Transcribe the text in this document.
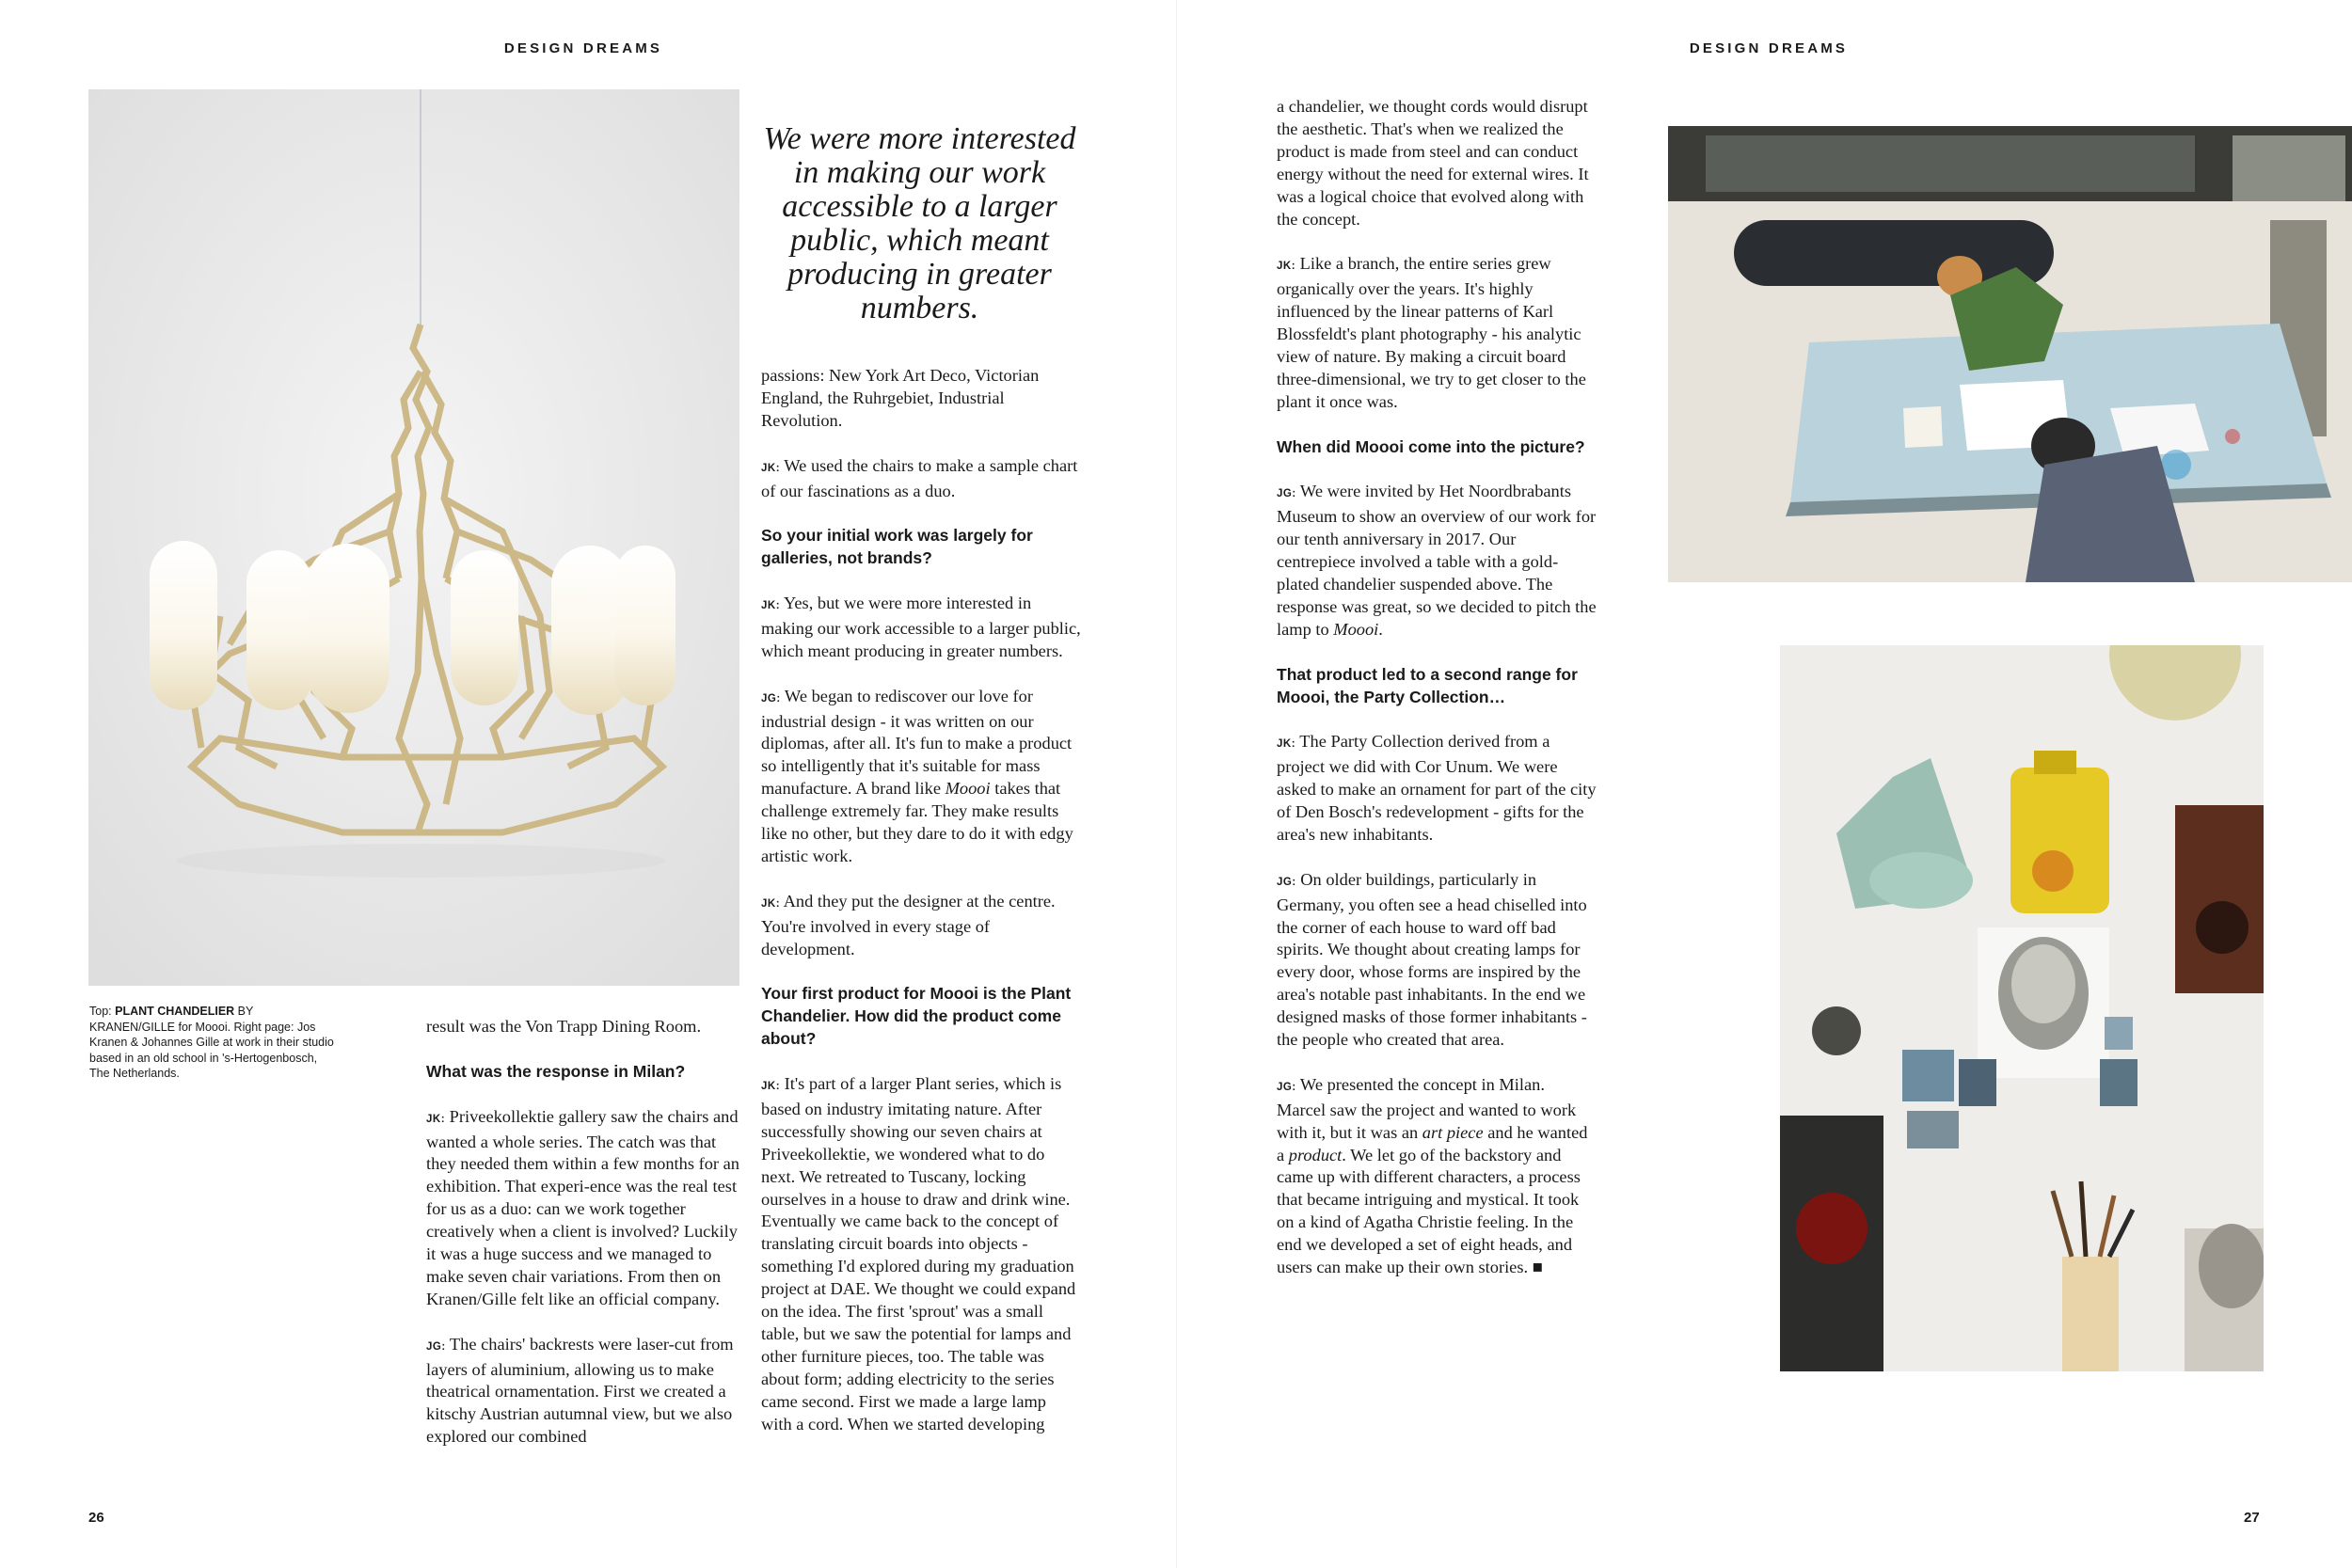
DESIGN DREAMS	DESIGN DREAMS
Top: PLANT CHANDELIER BY
KRANEN/GILLE for Moooi. Right page: Jos Kranen & Johannes Gille at work in their studio based in an old school in 's-Hertogenbosch, The Netherlands.
We were more interested in making our work accessible to a larger public, which meant producing in greater numbers.

result was the Von Trapp Dining Room.

What was the response in Milan?

JK: Priveekollektie gallery saw the chairs and wanted a whole series. The catch was that they needed them within a few months for an exhibition. That experi-ence was the real test for us as a duo: can we work together creatively when a client is involved? Luckily it was a huge success and we managed to make seven chair variations. From then on Kranen/Gille felt like an official company.

JG: The chairs' backrests were laser-cut from layers of aluminium, allowing us to make theatrical ornamentation. First we created a kitschy Austrian autumnal view, but we also explored our combined

passions: New York Art Deco, Victorian England, the Ruhrgebiet, Industrial Revolution.

JK: We used the chairs to make a sample chart of our fascinations as a duo.

So your initial work was largely for galleries, not brands?

JK: Yes, but we were more interested in making our work accessible to a larger public, which meant producing in greater numbers.

JG: We began to rediscover our love for industrial design - it was written on our diplomas, after all. It's fun to make a product so intelligently that it's suitable for mass manufacture. A brand like Moooi takes that challenge extremely far. They make results like no other, but they dare to do it with edgy artistic work.

JK: And they put the designer at the centre. You're involved in every stage of development.

Your first product for Moooi is the Plant Chandelier. How did the product come about?

JK: It's part of a larger Plant series, which is based on industry imitating nature. After successfully showing our seven chairs at Priveekollektie, we wondered what to do next. We retreated to Tuscany, locking ourselves in a house to draw and drink wine. Eventually we came back to the concept of translating circuit boards into objects - something I'd explored during my graduation project at DAE. We thought we could expand on the idea. The first 'sprout' was a small table, but we saw the potential for lamps and other furniture pieces, too. The table was about form; adding electricity to the series came second. First we made a large lamp with a cord. When we started developing

a chandelier, we thought cords would disrupt the aesthetic. That's when we realized the product is made from steel and can conduct energy without the need for external wires. It was a logical choice that evolved along with the concept.

JK: Like a branch, the entire series grew organically over the years. It's highly influenced by the linear patterns of Karl Blossfeldt's plant photography - his analytic view of nature. By making a circuit board three-dimensional, we try to get closer to the plant it once was.

When did Moooi come into the picture?

JG: We were invited by Het Noordbrabants Museum to show an overview of our work for our tenth anniversary in 2017. Our centrepiece involved a table with a gold-plated chandelier suspended above. The response was great, so we decided to pitch the lamp to Moooi.

That product led to a second range for Moooi, the Party Collection…

JK: The Party Collection derived from a project we did with Cor Unum. We were asked to make an ornament for part of the city of Den Bosch's redevelopment - gifts for the area's new inhabitants.

JG: On older buildings, particularly in Germany, you often see a head chiselled into the corner of each house to ward off bad spirits. We thought about creating lamps for every door, whose forms are inspired by the area's notable past inhabitants. In the end we designed masks of those former inhabitants - the people who created that area.

JG: We presented the concept in Milan. Marcel saw the project and wanted to work with it, but it was an art piece and he wanted a product. We let go of the backstory and came up with different characters, a process that became intriguing and mystical. It took on a kind of Agatha Christie feeling. In the end we developed a set of eight heads, and users can make up their own stories. ■

26	27
